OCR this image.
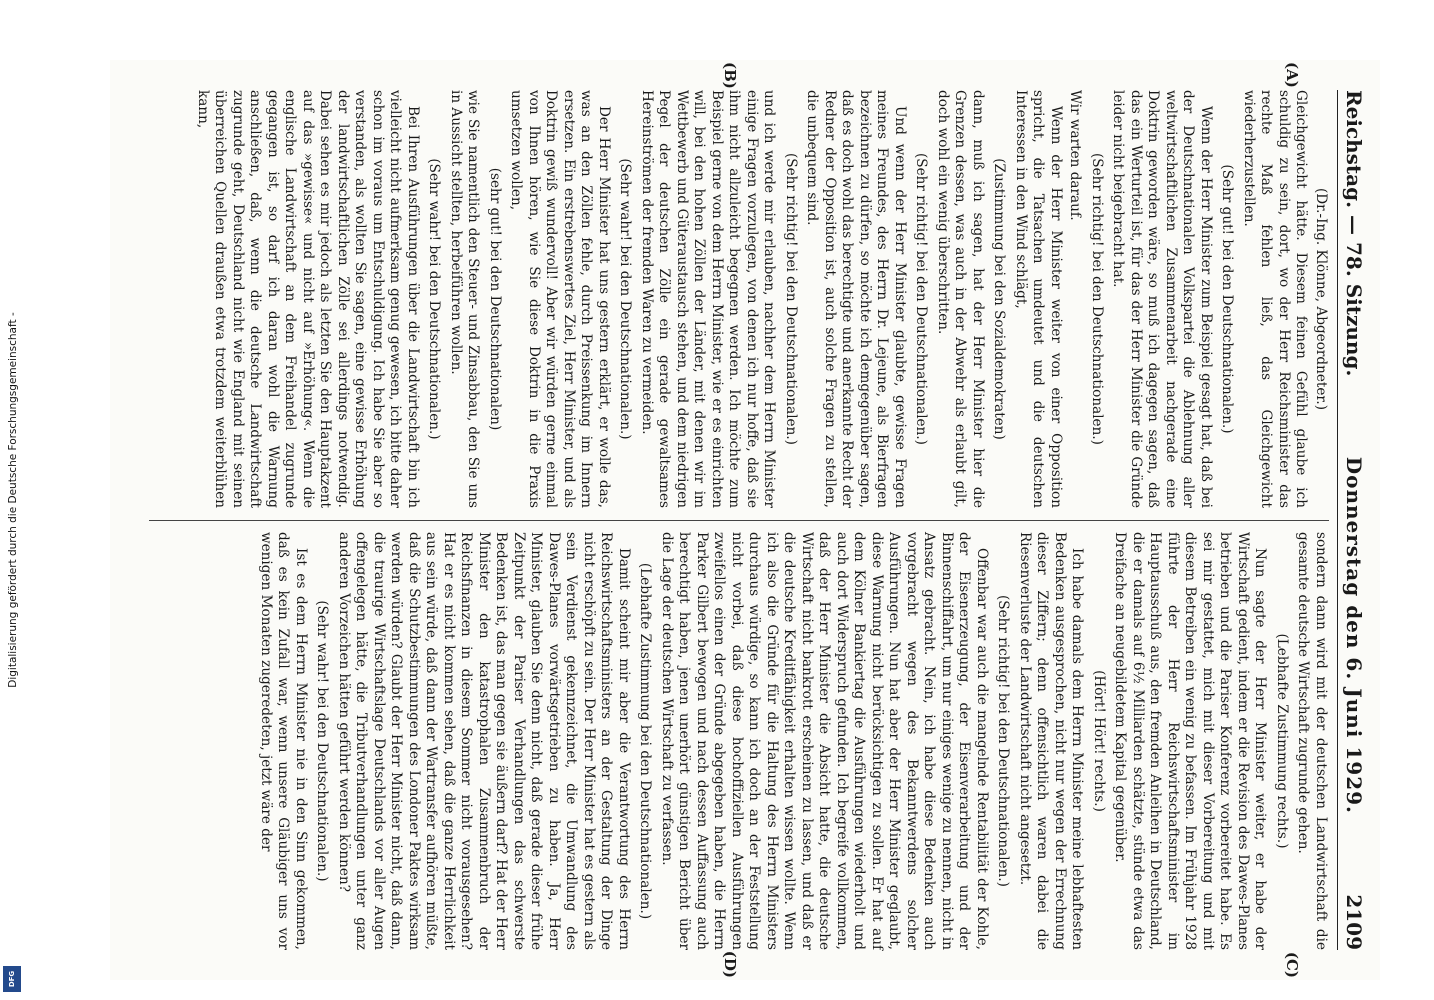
Digitalisierung gefördert durch die Deutsche Forschungsgemeinschaft -
DFG
Reichstag. — 78. Sitzung.
Donnerstag den 6. Juni 1929.
2109

(Dr.-Ing. Klönne, Abgeordneter.)

Gleichgewicht hätte. Diesem feinen Gefühl glaube ich schuldig zu sein, dort, wo der Herr Reichsminister das rechte Maß fehlen ließ, das Gleichgewicht wiederherzustellen.

(Sehr gut! bei den Deutschnationalen.)

Wenn der Herr Minister zum Beispiel gesagt hat, daß bei der Deutschnationalen Volkspartei die Ablehnung aller weltwirtschaftlichen Zusammenarbeit nachgerade eine Doktrin geworden wäre, so muß ich dagegen sagen, daß das ein Werturteil ist, für das der Herr Minister die Gründe leider nicht beigebracht hat.

(Sehr richtig! bei den Deutschnationalen.)

Wir warten darauf.

Wenn der Herr Minister weiter von einer Opposition spricht, die Tatsachen umdeutet und die deutschen Interessen in den Wind schlägt,

(Zustimmung bei den Sozialdemokraten)

dann, muß ich sagen, hat der Herr Minister hier die Grenzen dessen, was auch in der Abwehr als erlaubt gilt, doch wohl ein wenig überschritten.

(Sehr richtig! bei den Deutschnationalen.)

Und wenn der Herr Minister glaubte, gewisse Fragen meines Freundes, des Herrn Dr. Lejeune, als Bierfragen bezeichnen zu dürfen, so möchte ich demgegenüber sagen, daß es doch wohl das berechtigte und anerkannte Recht der Redner der Opposition ist, auch solche Fragen zu stellen, die unbequem sind.

(Sehr richtig! bei den Deutschnationalen.)

und ich werde mir erlauben, nachher dem Herrn Minister einige Fragen vorzulegen, von denen ich nur hoffe, daß sie ihm nicht allzuleicht begegnen werden. Ich möchte zum Beispiel gerne von dem Herrn Minister, wie er es einrichten will, bei den hohen Zöllen der Länder, mit denen wir im Wettbewerb und Güteraustausch stehen, und dem niedrigen Pegel der deutschen Zölle ein gerade gewaltsames Hereinströmen der fremden Waren zu vermeiden.

(Sehr wahr! bei den Deutschnationalen.)

Der Herr Minister hat uns gestern erklärt, er wolle das, was an den Zöllen fehle, durch Preissenkung im Innern ersetzen. Ein erstrebenswertes Ziel, Herr Minister, und als Doktrin gewiß wundervoll! Aber wir würden gerne einmal von Ihnen hören, wie Sie diese Doktrin in die Praxis umsetzen wollen,

(sehr gut! bei den Deutschnationalen)

wie Sie namentlich den Steuer- und Zinsabbau, den Sie uns in Aussicht stellten, herbeiführen wollen.

(Sehr wahr! bei den Deutschnationalen.)

Bei Ihren Ausführungen über die Landwirtschaft bin ich vielleicht nicht aufmerksam genug gewesen, ich bitte daher schon im voraus um Entschuldigung. Ich habe Sie aber so verstanden, als wollten Sie sagen, eine gewisse Erhöhung der landwirtschaftlichen Zölle sei allerdings notwendig. Dabei sehen es mir jedoch als letzten Sie den Hauptakzent auf das »gewisse« und nicht auf »Erhöhung«. Wenn die englische Landwirtschaft an dem Freihandel zugrunde gegangen ist, so darf ich daran wohl die Warnung anschließen, daß, wenn die deutsche Landwirtschaft zugrunde geht, Deutschland nicht wie England mit seinen überreichen Quellen draußen etwa trotzdem weiterblühen kann,

sondern dann wird mit der deutschen Landwirtschaft die gesamte deutsche Wirtschaft zugrunde gehen.

(Lebhafte Zustimmung rechts.)

Nun sagte der Herr Minister weiter, er habe der Wirtschaft gedient, indem er die Revision des Dawes-Planes betrieben und die Pariser Konferenz vorbereitet habe. Es sei mir gestattet, mich mit dieser Vorbereitung und mit diesem Betreiben ein wenig zu befassen. Im Frühjahr 1928 führte der Herr Reichswirtschaftsminister im Hauptausschuß aus, den fremden Anleihen in Deutschland, die er damals auf 6½ Milliarden schätzte, stünde etwa das Dreifache an neugebildetem Kapital gegenüber.

(Hört! Hört! rechts.)

Ich habe damals dem Herrn Minister meine lebhaftesten Bedenken ausgesprochen, nicht nur wegen der Errechnung dieser Ziffern; denn offensichtlich waren dabei die Riesenverluste der Landwirtschaft nicht angesetzt.

(Sehr richtig! bei den Deutschnationalen.)

Offenbar war auch die mangelnde Rentabilität der Kohle, der Eisenerzeugung, der Eisenverarbeitung und der Binnenschiffahrt, um nur einiges wenige zu nennen, nicht in Ansatz gebracht. Nein, ich habe diese Bedenken auch vorgebracht wegen des Bekanntwerdens solcher Ausführungen. Nun hat aber der Herr Minister geglaubt, diese Warnung nicht berücksichtigen zu sollen. Er hat auf dem Kölner Bankiertag die Ausführungen wiederholt und auch dort Widerspruch gefunden. Ich begreife vollkommen, daß der Herr Minister die Absicht hatte, die deutsche Wirtschaft nicht bankrott erscheinen zu lassen, und daß er die deutsche Kreditfähigkeit erhalten wissen wollte. Wenn ich also die Gründe für die Haltung des Herrn Ministers durchaus würdige, so kann ich doch an der Feststellung nicht vorbei, daß diese hochoffiziellen Ausführungen zweifellos einen der Gründe abgegeben haben, die Herrn Parker Gilbert bewogen und nach dessen Auffassung auch berechtigt haben, jenen unerhört günstigen Bericht über die Lage der deutschen Wirtschaft zu verfassen.

(Lebhafte Zustimmung bei den Deutschnationalen.)

Damit scheint mir aber die Verantwortung des Herrn Reichswirtschaftsministers an der Gestaltung der Dinge nicht erschöpft zu sein. Der Herr Minister hat es gestern als sein Verdienst gekennzeichnet, die Umwandlung des Dawes-Planes vorwärtsgetrieben zu haben. Ja, Herr Minister, glauben Sie denn nicht, daß gerade dieser frühe Zeitpunkt der Pariser Verhandlungen das schwerste Bedenken ist, das man gegen sie äußern darf? Hat der Herr Minister den katastrophalen Zusammenbruch der Reichsfinanzen in diesem Sommer nicht vorausgesehen? Hat er es nicht kommen sehen, daß die ganze Herrlichkeit aus sein würde, daß dann der Wartransfer aufhören müßte, daß die Schutzbestimmungen des Londoner Paktes wirksam werden würden? Glaubt der Herr Minister nicht, daß dann, die traurige Wirtschaftslage Deutschlands vor aller Augen offengelegen hätte, die Tributverhandlungen unter ganz anderen Vorzeichen hätten geführt werden können?

(Sehr wahr! bei den Deutschnationalen.)

Ist es dem Herrn Minister nie in den Sinn gekommen, daß es kein Zufall war, wenn unsere Gläubiger uns vor wenigen Monaten zugeredeten, jetzt wäre der

(A)
(B)
(C)
(D)
